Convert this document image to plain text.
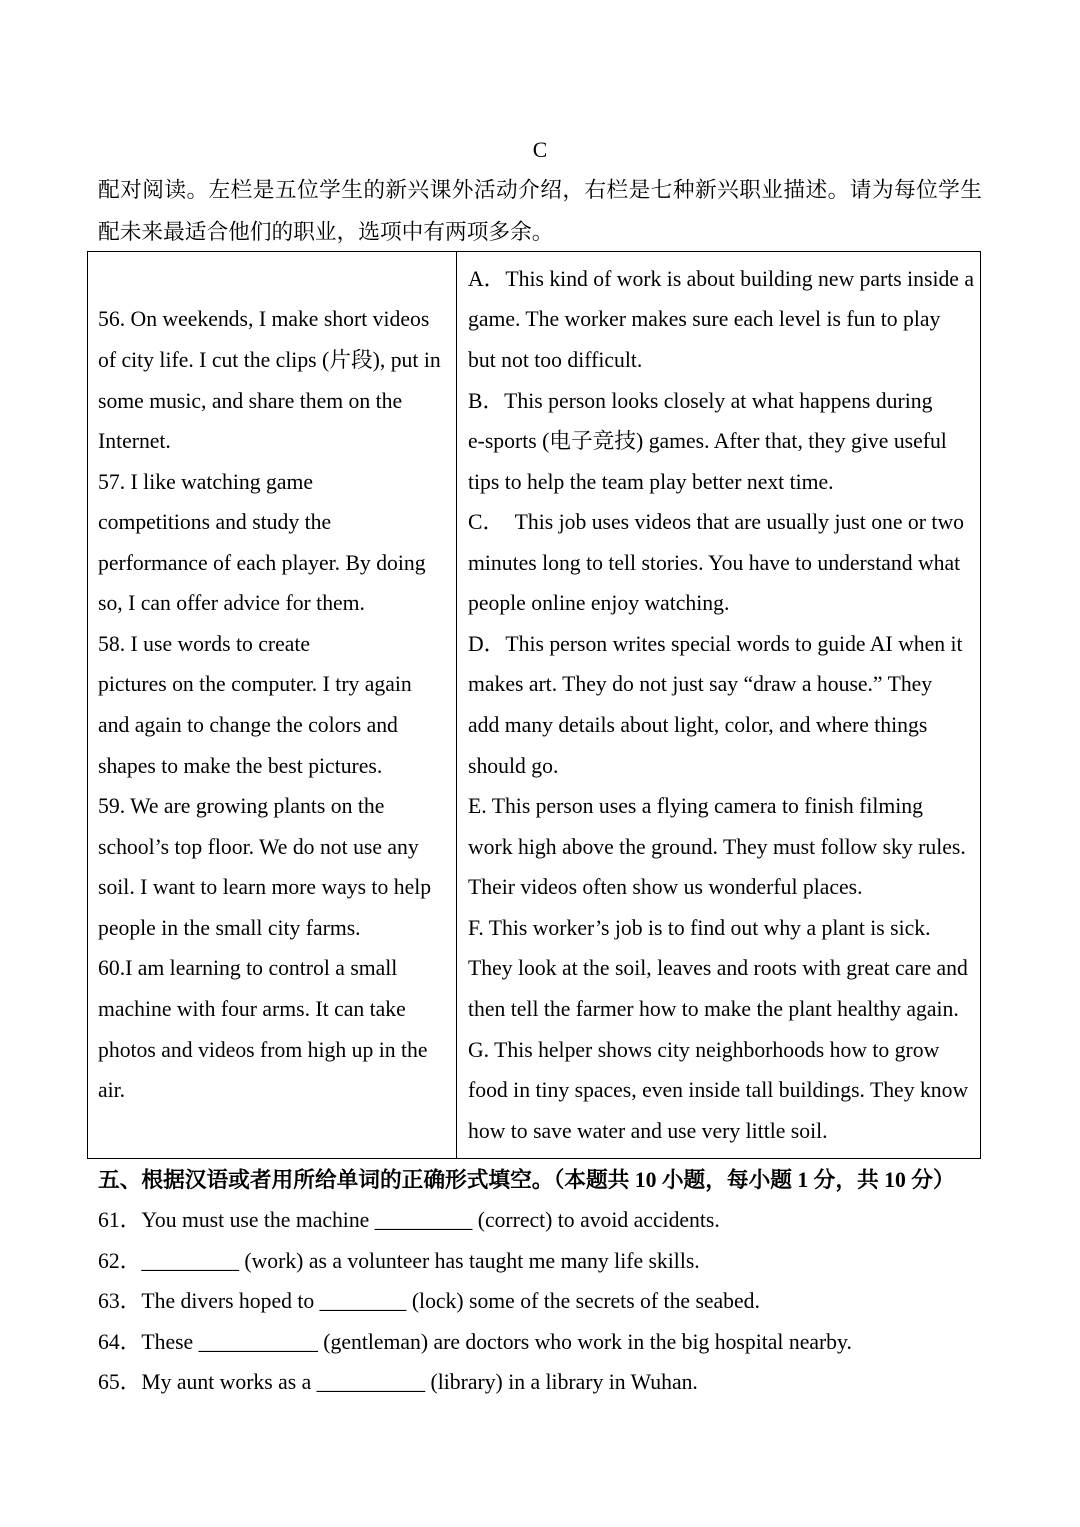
C
配对阅读。左栏是五位学生的新兴课外活动介绍，右栏是七种新兴职业描述。请为每位学生
配未来最适合他们的职业，选项中有两项多余。
56. On weekends, I make short videos
of city life. I cut the clips (片段), put in
some music, and share them on the
Internet.
57. I like watching game
competitions and study the
performance of each player. By doing
so, I can offer advice for them.
58. I use words to create
pictures on the computer. I try again
and again to change the colors and
shapes to make the best pictures.
59. We are growing plants on the
school’s top floor. We do not use any
soil. I want to learn more ways to help
people in the small city farms.
60.I am learning to control a small
machine with four arms. It can take
photos and videos from high up in the
air.
A．This kind of work is about building new parts inside a
game. The worker makes sure each level is fun to play
but not too difficult.
B．This person looks closely at what happens during
e-sports (电子竞技) games. After that, they give useful
tips to help the team play better next time.
C．  This job uses videos that are usually just one or two
minutes long to tell stories. You have to understand what
people online enjoy watching.
D．This person writes special words to guide AI when it
makes art. They do not just say “draw a house.” They
add many details about light, color, and where things
should go.
E. This person uses a flying camera to finish filming
work high above the ground. They must follow sky rules.
Their videos often show us wonderful places.
F. This worker’s job is to find out why a plant is sick.
They look at the soil, leaves and roots with great care and
then tell the farmer how to make the plant healthy again.
G. This helper shows city neighborhoods how to grow
food in tiny spaces, even inside tall buildings. They know
how to save water and use very little soil.
五、根据汉语或者用所给单词的正确形式填空。（本题共 10 小题，每小题 1 分，共 10 分）
61．You must use the machine _________ (correct) to avoid accidents.
62．_________ (work) as a volunteer has taught me many life skills.
63．The divers hoped to ________ (lock) some of the secrets of the seabed.
64．These ___________ (gentleman) are doctors who work in the big hospital nearby.
65．My aunt works as a __________ (library) in a library in Wuhan.
